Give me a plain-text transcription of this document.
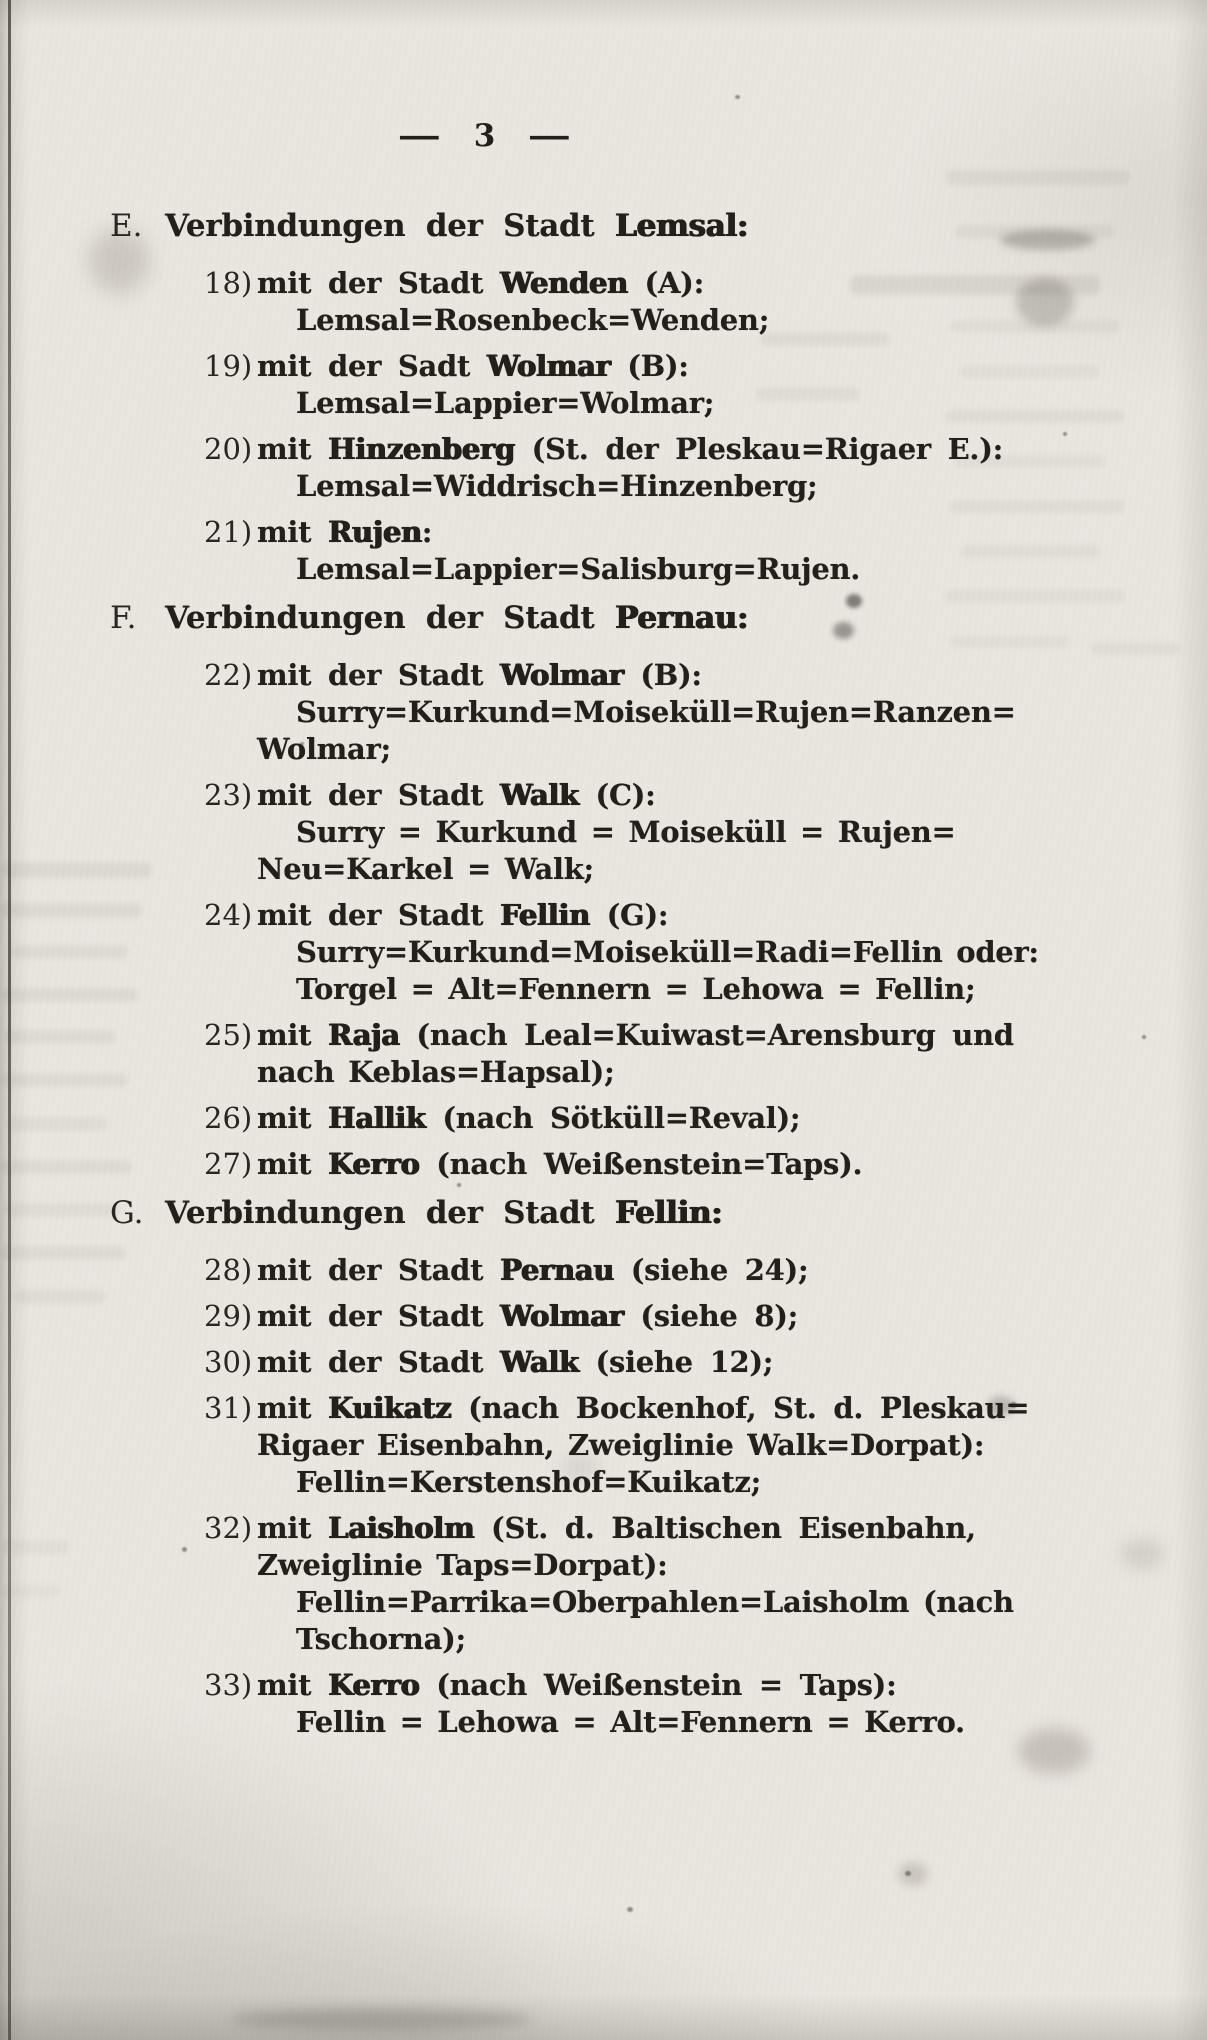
— 3 —
E. Verbindungen der Stadt Lemsal:
18) mit der Stadt Wenden (A):
Lemsal=Rosenbeck=Wenden;
19) mit der Sadt Wolmar (B):
Lemsal=Lappier=Wolmar;
20) mit Hinzenberg (St. der Pleskau=Rigaer E.):
Lemsal=Widdrisch=Hinzenberg;
21) mit Rujen:
Lemsal=Lappier=Salisburg=Rujen.
F. Verbindungen der Stadt Pernau:
22) mit der Stadt Wolmar (B):
Surry=Kurkund=Moiseküll=Rujen=Ranzen=
Wolmar;
23) mit der Stadt Walk (C):
Surry = Kurkund = Moiseküll = Rujen=
Neu=Karkel = Walk;
24) mit der Stadt Fellin (G):
Surry=Kurkund=Moiseküll=Radi=Fellin oder:
Torgel = Alt=Fennern = Lehowa = Fellin;
25) mit Raja (nach Leal=Kuiwast=Arensburg und
nach Keblas=Hapsal);
26) mit Hallik (nach Sötküll=Reval);
27) mit Kerro (nach Weißenstein=Taps).
G. Verbindungen der Stadt Fellin:
28) mit der Stadt Pernau (siehe 24);
29) mit der Stadt Wolmar (siehe 8);
30) mit der Stadt Walk (siehe 12);
31) mit Kuikatz (nach Bockenhof, St. d. Pleskau=
Rigaer Eisenbahn, Zweiglinie Walk=Dorpat):
Fellin=Kerstenshof=Kuikatz;
32) mit Laisholm (St. d. Baltischen Eisenbahn,
Zweiglinie Taps=Dorpat):
Fellin=Parrika=Oberpahlen=Laisholm (nach
Tschorna);
33) mit Kerro (nach Weißenstein = Taps):
Fellin = Lehowa = Alt=Fennern = Kerro.
